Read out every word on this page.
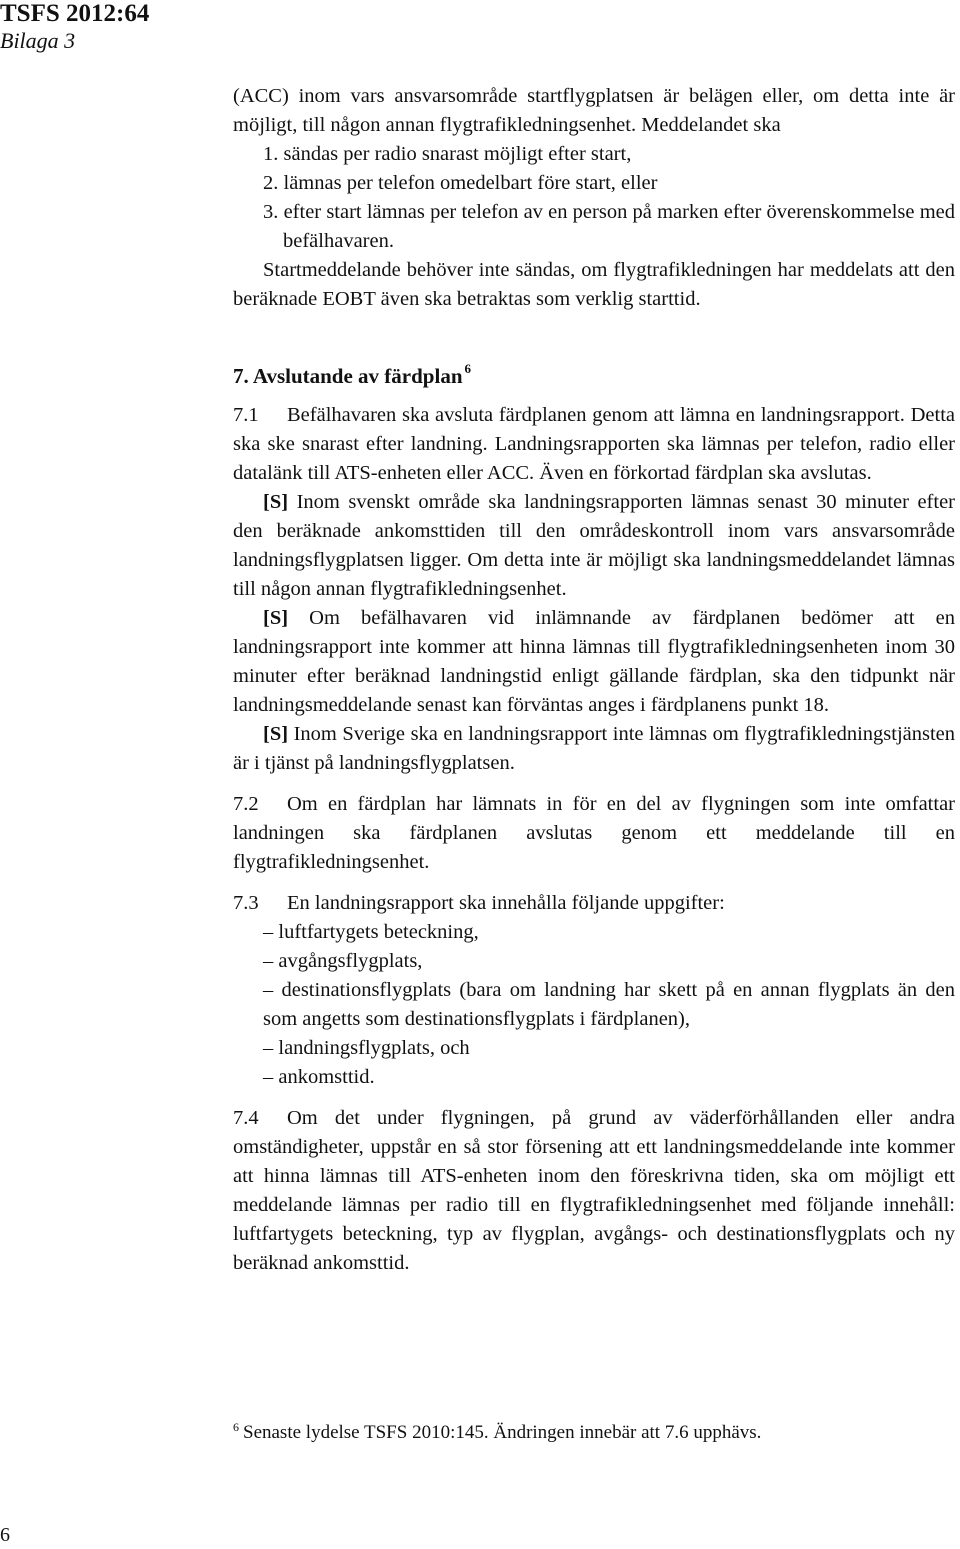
TSFS 2012:64
Bilaga 3

(ACC) inom vars ansvarsområde startflygplatsen är belägen eller, om detta inte är möjligt, till någon annan flygtrafikledningsenhet. Meddelandet ska

1. sändas per radio snarast möjligt efter start,

2. lämnas per telefon omedelbart före start, eller

3. efter start lämnas per telefon av en person på marken efter överenskommelse med befälhavaren.

Startmeddelande behöver inte sändas, om flygtrafikledningen har meddelats att den beräknade EOBT även ska betraktas som verklig starttid.

7. Avslutande av färdplan $^6$

7.1 Befälhavaren ska avsluta färdplanen genom att lämna en landningsrapport. Detta ska ske snarast efter landning. Landningsrapporten ska lämnas per telefon, radio eller datalänk till ATS-enheten eller ACC. Även en förkortad färdplan ska avslutas.

[S] Inom svenskt område ska landningsrapporten lämnas senast 30 minuter efter den beräknade ankomsttiden till den områdeskontroll inom vars ansvarsområde landningsflygplatsen ligger. Om detta inte är möjligt ska landningsmeddelandet lämnas till någon annan flygtrafikledningsenhet.

[S] Om befälhavaren vid inlämnande av färdplanen bedömer att en landningsrapport inte kommer att hinna lämnas till flygtrafikledningsenheten inom 30 minuter efter beräknad landningstid enligt gällande färdplan, ska den tidpunkt när landningsmeddelande senast kan förväntas anges i färdplanens punkt 18.

[S] Inom Sverige ska en landningsrapport inte lämnas om flygtrafikledningstjänsten är i tjänst på landningsflygplatsen.

7.2 Om en färdplan har lämnats in för en del av flygningen som inte omfattar landningen ska färdplanen avslutas genom ett meddelande till en flygtrafikledningsenhet.

7.3 En landningsrapport ska innehålla följande uppgifter:

– luftfartygets beteckning,

– avgångsflygplats,

– destinationsflygplats (bara om landning har skett på en annan flygplats än den som angetts som destinationsflygplats i färdplanen),

– landningsflygplats, och

– ankomsttid.

7.4 Om det under flygningen, på grund av väderförhållanden eller andra omständigheter, uppstår en så stor försening att ett landningsmeddelande inte kommer att hinna lämnas till ATS-enheten inom den föreskrivna tiden, ska om möjligt ett meddelande lämnas per radio till en flygtrafikledningsenhet med följande innehåll: luftfartygets beteckning, typ av flygplan, avgångs- och destinationsflygplats och ny beräknad ankomsttid.

$^6$ Senaste lydelse TSFS 2010:145. Ändringen innebär att 7.6 upphävs.
6
